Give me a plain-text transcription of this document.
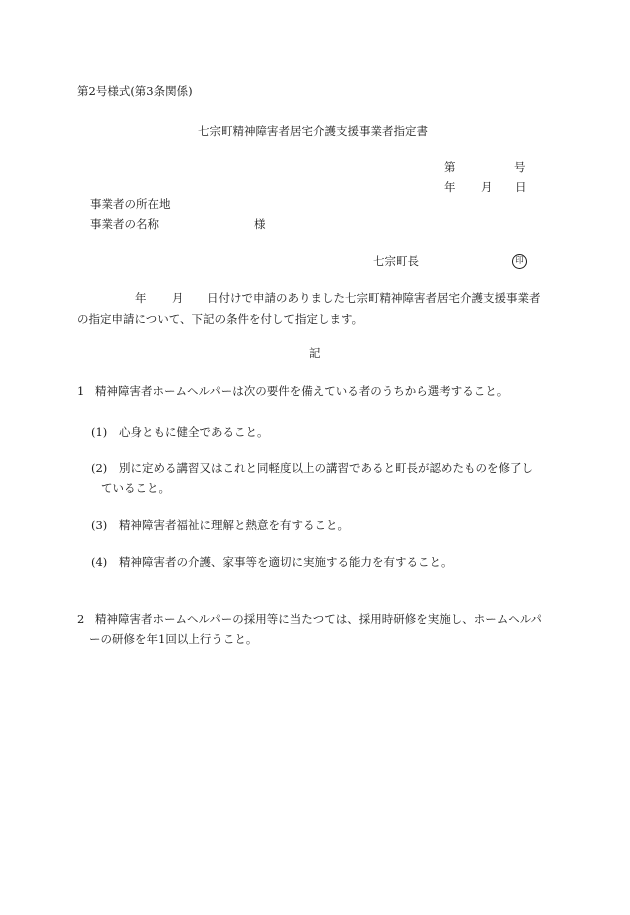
第2号様式(第3条関係)
七宗町精神障害者居宅介護支援事業者指定書
第	号
年 月 日
事業者の所在地
事業者の名称	様
七宗町長	印
年 月 日付けで申請のありました七宗町精神障害者居宅介護支援事業者
の指定申請について、下記の条件を付して指定します。
記
1 精神障害者ホームヘルパーは次の要件を備えている者のうちから選考すること。
(1) 心身ともに健全であること。
(2) 別に定める講習又はこれと同軽度以上の講習であると町長が認めたものを修了し
ていること。
(3) 精神障害者福祉に理解と熱意を有すること。
(4) 精神障害者の介護、家事等を適切に実施する能力を有すること。
2 精神障害者ホームヘルパーの採用等に当たつては、採用時研修を実施し、ホームヘルパ
ーの研修を年1回以上行うこと。
